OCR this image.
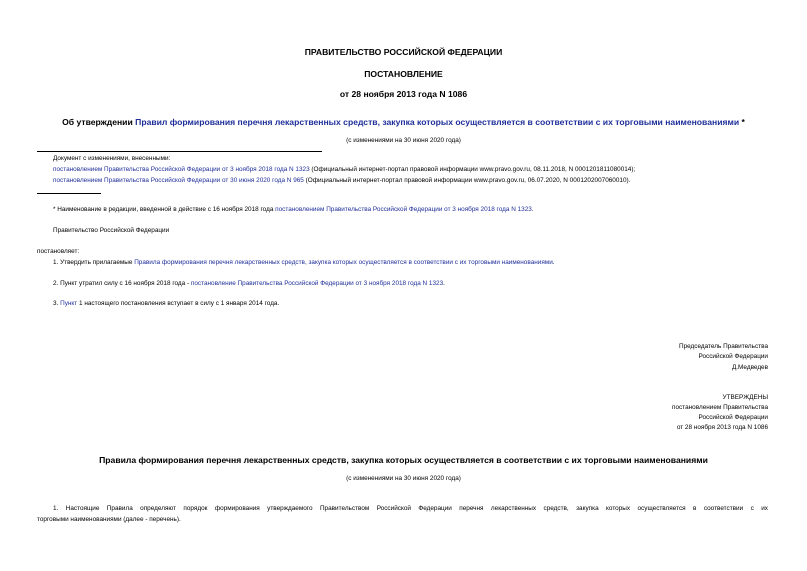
ПРАВИТЕЛЬСТВО РОССИЙСКОЙ ФЕДЕРАЦИИ
ПОСТАНОВЛЕНИЕ
от 28 ноября 2013 года N 1086
Об утверждении Правил формирования перечня лекарственных средств, закупка которых осуществляется в соответствии с их торговыми наименованиями *
(с изменениями на 30 июня 2020 года)
Документ с изменениями, внесенными:
постановлением Правительства Российской Федерации от 3 ноября 2018 года N 1323 (Официальный интернет-портал правовой информации www.pravo.gov.ru, 08.11.2018, N 0001201811080014);
постановлением Правительства Российской Федерации от 30 июня 2020 года N 965 (Официальный интернет-портал правовой информации www.pravo.gov.ru, 06.07.2020, N 0001202007060010).
* Наименование в редакции, введенной в действие с 16 ноября 2018 года постановлением Правительства Российской Федерации от 3 ноября 2018 года N 1323.
Правительство Российской Федерации
постановляет:
1. Утвердить прилагаемые Правила формирования перечня лекарственных средств, закупка которых осуществляется в соответствии с их торговыми наименованиями.
2. Пункт утратил силу с 16 ноября 2018 года - постановление Правительства Российской Федерации от 3 ноября 2018 года N 1323.
3. Пункт 1 настоящего постановления вступает в силу с 1 января 2014 года.
Председатель Правительства
Российской Федерации
Д.Медведев
УТВЕРЖДЕНЫ
постановлением Правительства
Российской Федерации
от 28 ноября 2013 года N 1086
Правила формирования перечня лекарственных средств, закупка которых осуществляется в соответствии с их торговыми наименованиями
(с изменениями на 30 июня 2020 года)
1. Настоящие Правила определяют порядок формирования утверждаемого Правительством Российской Федерации перечня лекарственных средств, закупка которых осуществляется в соответствии с их
торговыми наименованиями (далее - перечень).
